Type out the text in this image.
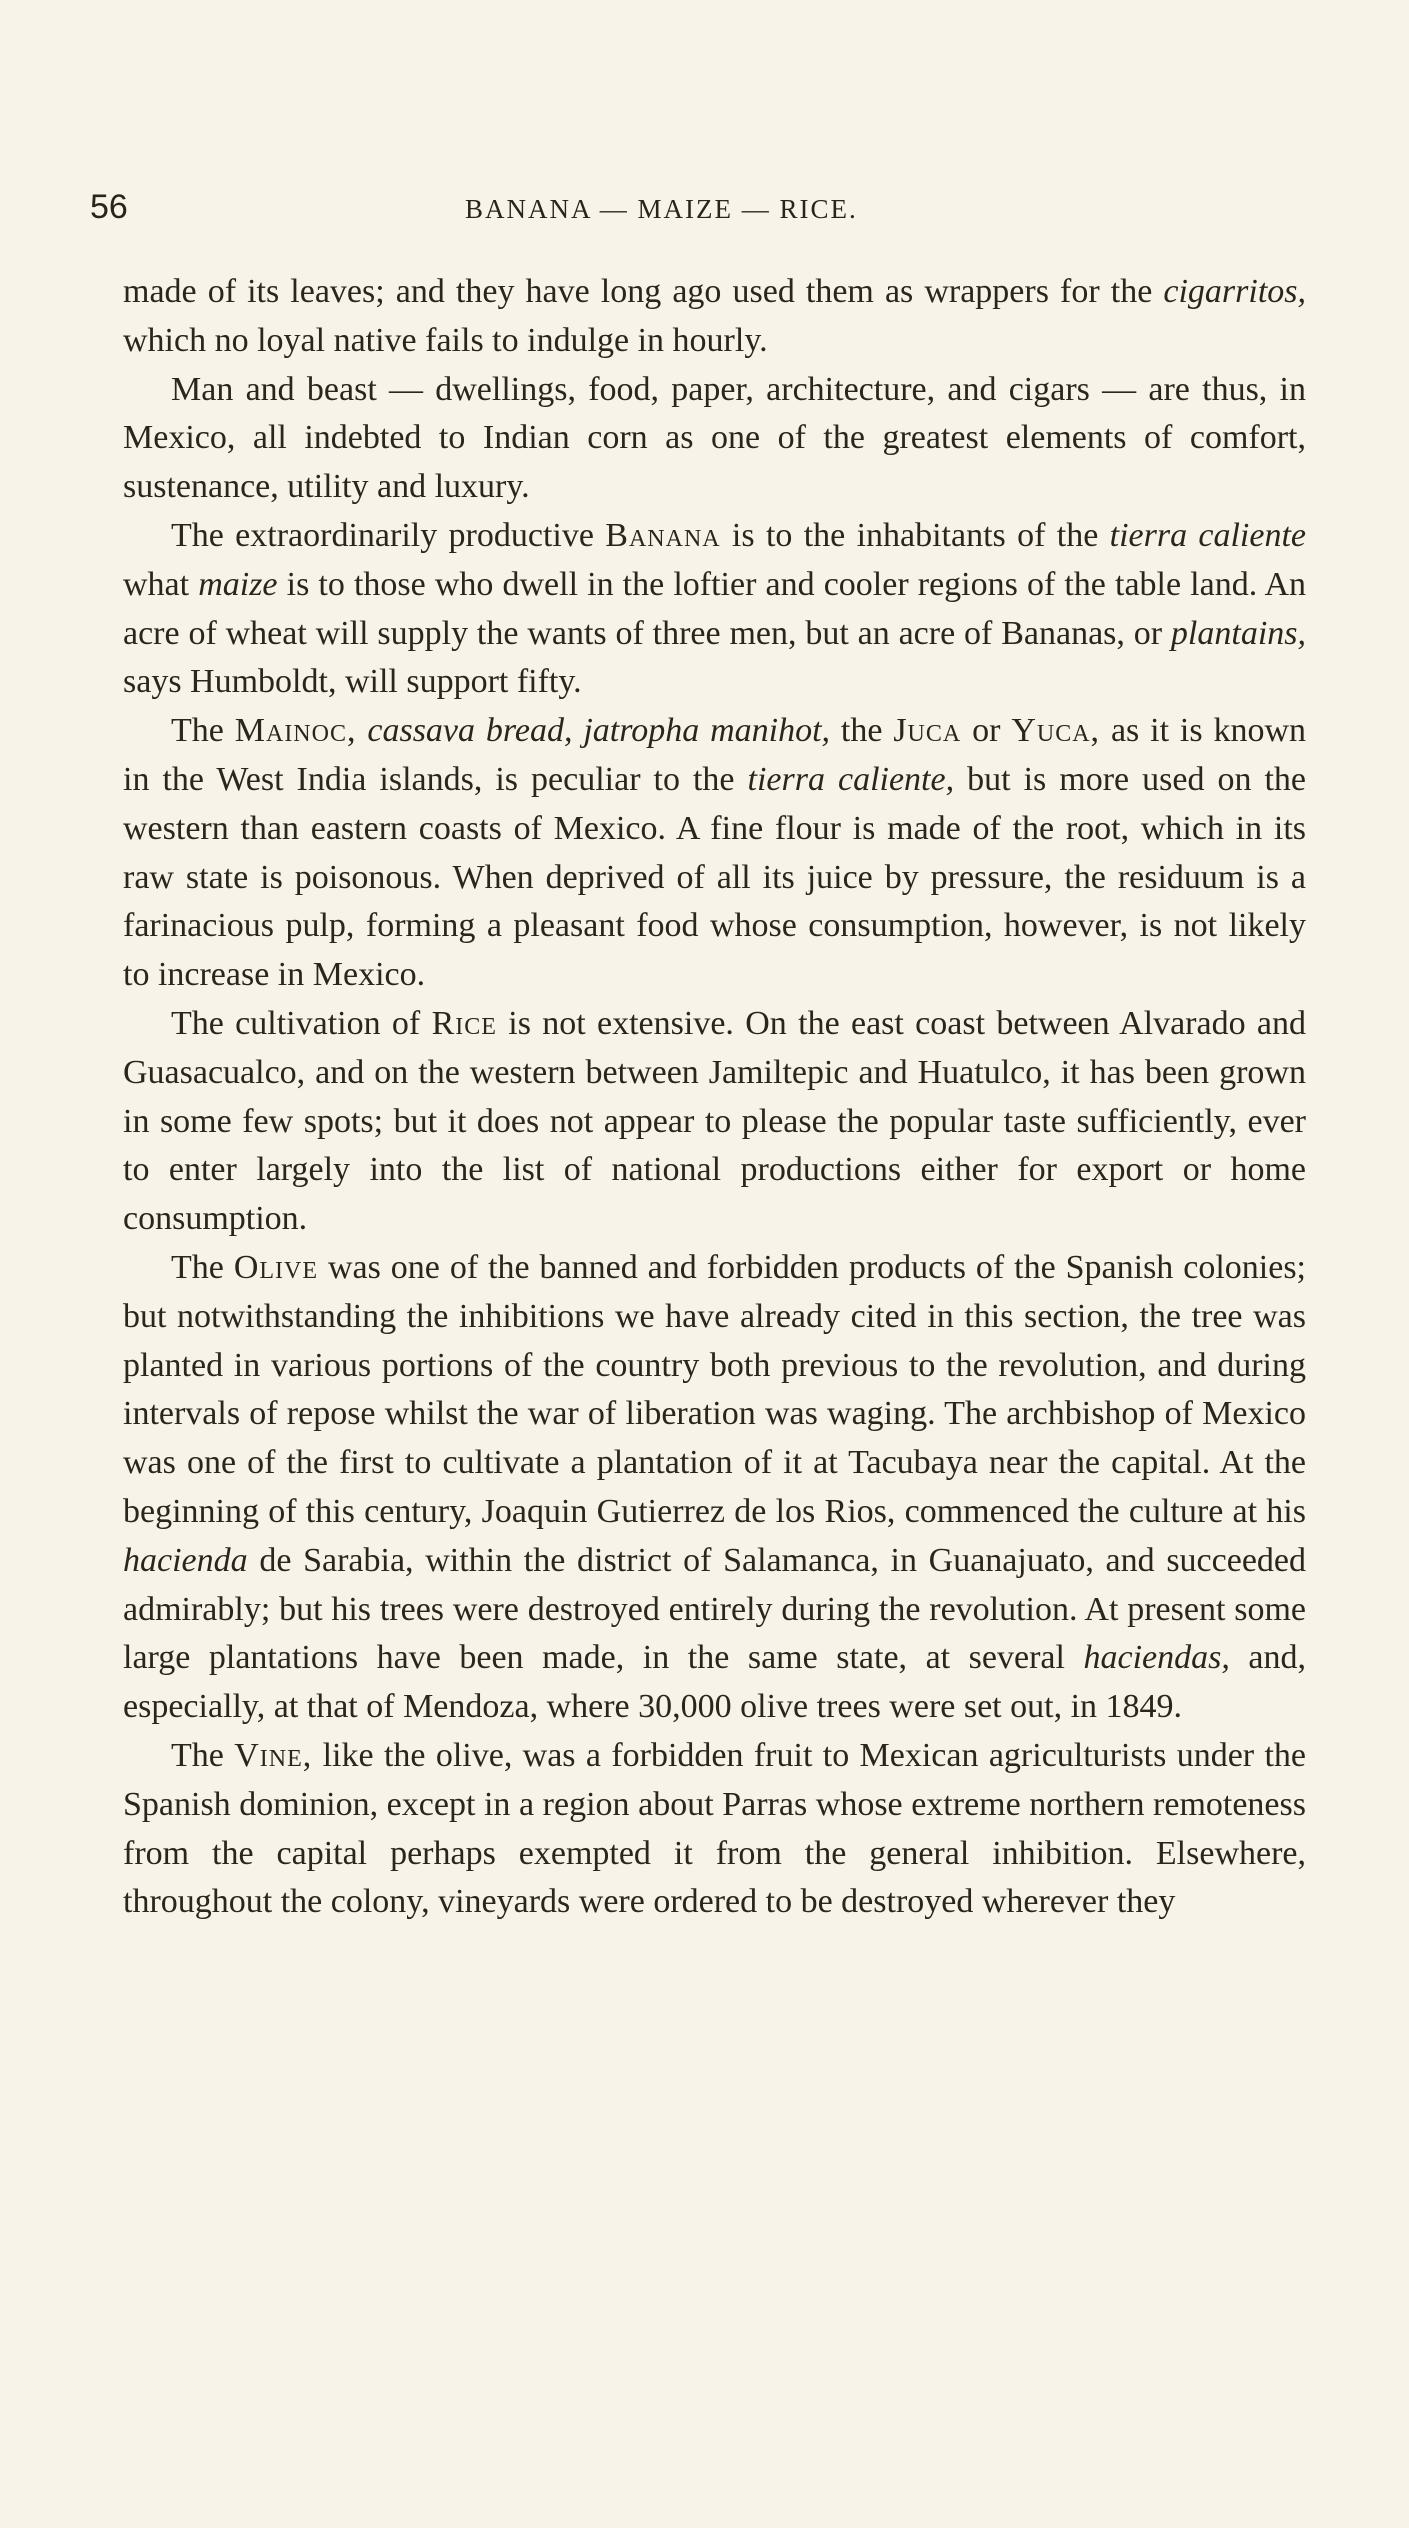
56	BANANA — MAIZE — RICE.

made of its leaves; and they have long ago used them as wrappers for the cigarritos, which no loyal native fails to indulge in hourly.

Man and beast — dwellings, food, paper, architecture, and cigars — are thus, in Mexico, all indebted to Indian corn as one of the greatest elements of comfort, sustenance, utility and luxury.

The extraordinarily productive Banana is to the inhabitants of the tierra caliente what maize is to those who dwell in the loftier and cooler regions of the table land. An acre of wheat will supply the wants of three men, but an acre of Bananas, or plantains, says Humboldt, will support fifty.

The Mainoc, cassava bread, jatropha manihot, the Juca or Yuca, as it is known in the West India islands, is peculiar to the tierra caliente, but is more used on the western than eastern coasts of Mexico. A fine flour is made of the root, which in its raw state is poisonous. When deprived of all its juice by pressure, the residuum is a farinacious pulp, forming a pleasant food whose consumption, however, is not likely to increase in Mexico.

The cultivation of Rice is not extensive. On the east coast between Alvarado and Guasacualco, and on the western between Jamiltepic and Huatulco, it has been grown in some few spots; but it does not appear to please the popular taste sufficiently, ever to enter largely into the list of national productions either for export or home consumption.

The Olive was one of the banned and forbidden products of the Spanish colonies; but notwithstanding the inhibitions we have already cited in this section, the tree was planted in various portions of the country both previous to the revolution, and during intervals of repose whilst the war of liberation was waging. The archbishop of Mexico was one of the first to cultivate a plantation of it at Tacubaya near the capital. At the beginning of this century, Joaquin Gutierrez de los Rios, commenced the culture at his hacienda de Sarabia, within the district of Salamanca, in Guanajuato, and succeeded admirably; but his trees were destroyed entirely during the revolution. At present some large plantations have been made, in the same state, at several haciendas, and, especially, at that of Mendoza, where 30,000 olive trees were set out, in 1849.

The Vine, like the olive, was a forbidden fruit to Mexican agriculturists under the Spanish dominion, except in a region about Parras whose extreme northern remoteness from the capital perhaps exempted it from the general inhibition. Elsewhere, throughout the colony, vineyards were ordered to be destroyed wherever they
